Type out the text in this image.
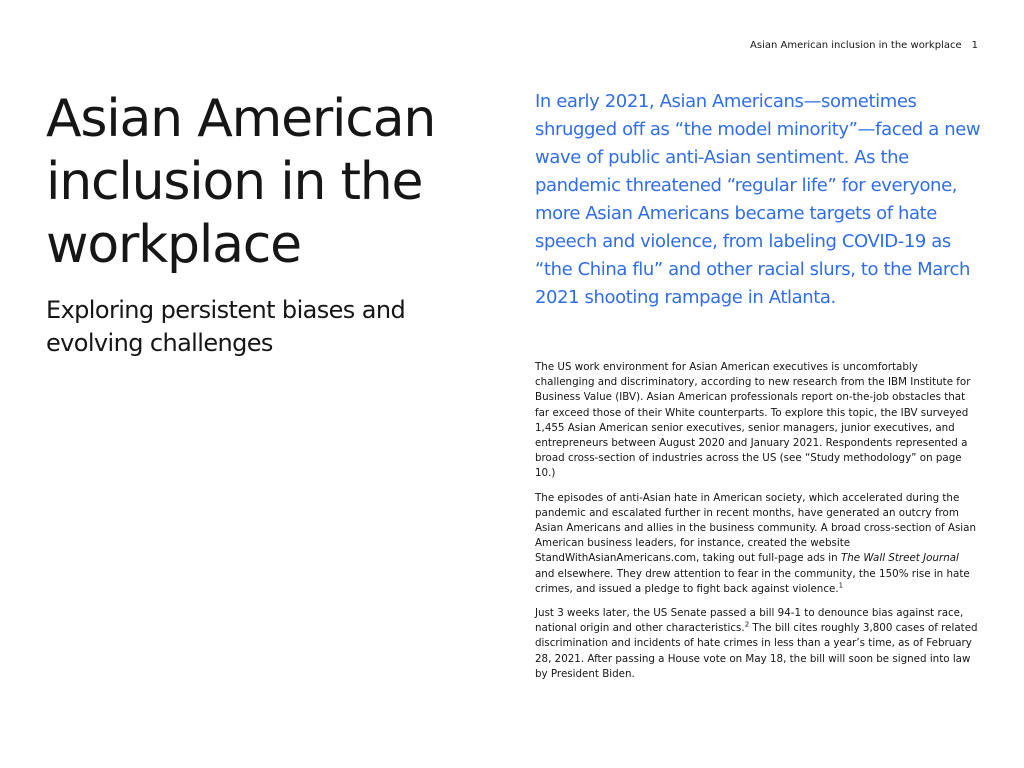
Asian American inclusion in the workplace 1
Asian American inclusion in the workplace
Exploring persistent biases and evolving challenges

In early 2021, Asian Americans—sometimes shrugged off as “the model minority”—faced a new wave of public anti-Asian sentiment. As the pandemic threatened “regular life” for everyone, more Asian Americans became targets of hate speech and violence, from labeling COVID-19 as “the China flu” and other racial slurs, to the March 2021 shooting rampage in Atlanta.

The US work environment for Asian American executives is uncomfortably challenging and discriminatory, according to new research from the IBM Institute for Business Value (IBV). Asian American professionals report on-the-job obstacles that far exceed those of their White counterparts. To explore this topic, the IBV surveyed 1,455 Asian American senior executives, senior managers, junior executives, and entrepreneurs between August 2020 and January 2021. Respondents represented a broad cross-section of industries across the US (see “Study methodology” on page 10.)

The episodes of anti-Asian hate in American society, which accelerated during the pandemic and escalated further in recent months, have generated an outcry from Asian Americans and allies in the business community. A broad cross-section of Asian American business leaders, for instance, created the website StandWithAsianAmericans.com, taking out full-page ads in The Wall Street Journal and elsewhere. They drew attention to fear in the community, the 150% rise in hate crimes, and issued a pledge to fight back against violence.$^1$

Just 3 weeks later, the US Senate passed a bill 94-1 to denounce bias against race, national origin and other characteristics.$^2$ The bill cites roughly 3,800 cases of related discrimination and incidents of hate crimes in less than a year’s time, as of February 28, 2021. After passing a House vote on May 18, the bill will soon be signed into law by President Biden.
